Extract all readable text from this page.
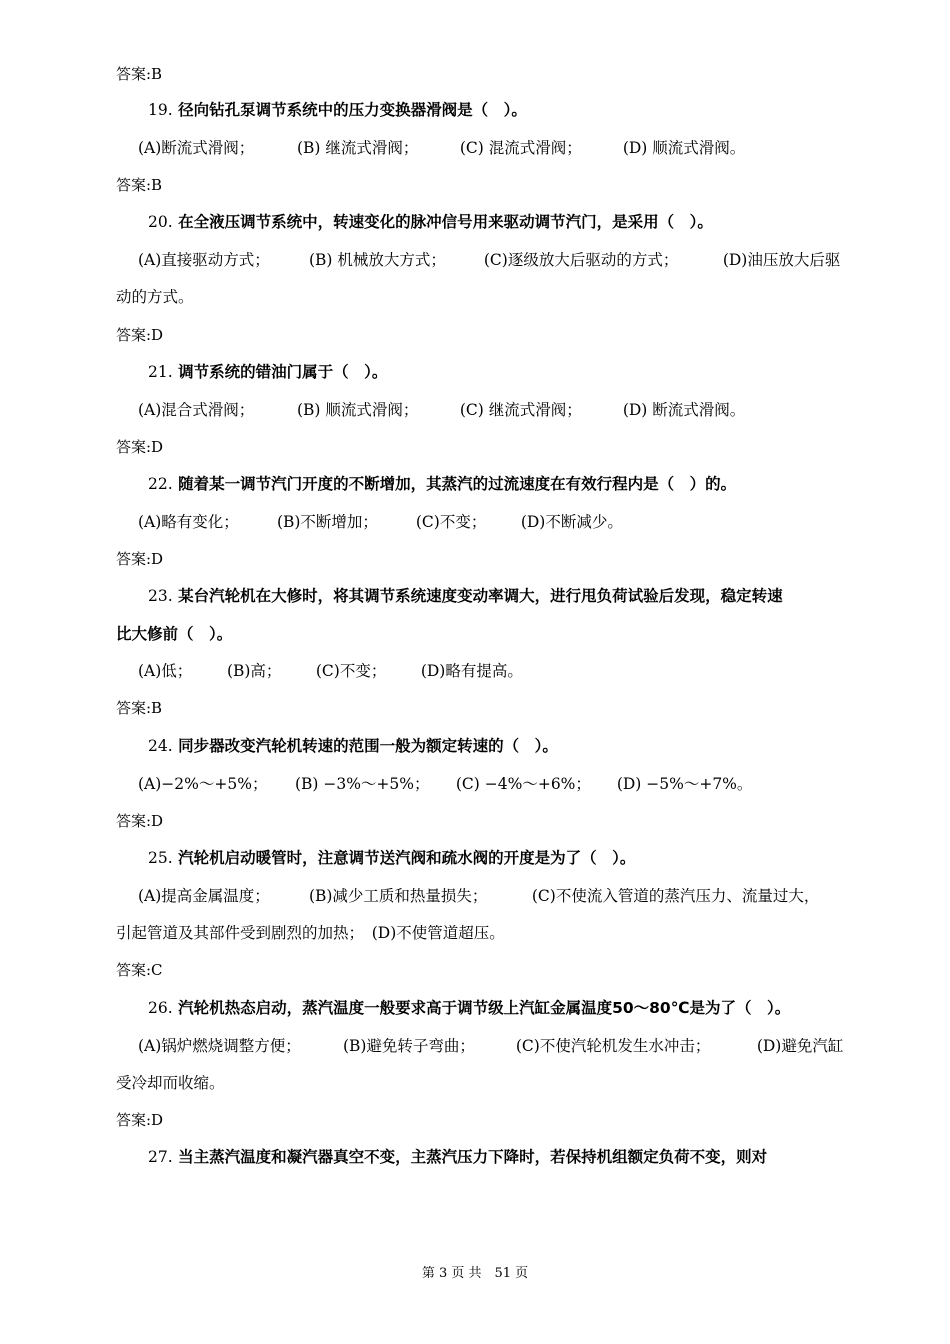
答案:B
19. 径向钻孔泵调节系统中的压力变换器滑阀是（　）。
(A)断流式滑阀；	(B) 继流式滑阀；	(C) 混流式滑阀；	(D) 顺流式滑阀。
答案:B
20. 在全液压调节系统中，转速变化的脉冲信号用来驱动调节汽门，是采用（　）。
(A)直接驱动方式；	(B) 机械放大方式； (C)逐级放大后驱动的方式；	(D)油压放大后驱
动的方式。
答案:D
21. 调节系统的错油门属于（　）。
(A)混合式滑阀；	(B) 顺流式滑阀；	(C) 继流式滑阀；	(D) 断流式滑阀。
答案:D
22. 随着某一调节汽门开度的不断增加，其蒸汽的过流速度在有效行程内是（　）的。
(A)略有变化； (B)不断增加； (C)不变； (D)不断减少。
答案:D
23. 某台汽轮机在大修时，将其调节系统速度变动率调大，进行甩负荷试验后发现，稳定转速
比大修前（　）。
(A)低； (B)高； (C)不变； (D)略有提高。
答案:B
24. 同步器改变汽轮机转速的范围一般为额定转速的（　）。
(A)−2%～+5%； (B) −3%～+5%； (C) −4%～+6%； (D) −5%～+7%。
答案:D
25. 汽轮机启动暖管时，注意调节送汽阀和疏水阀的开度是为了（　）。
(A)提高金属温度；	(B)减少工质和热量损失；	(C)不使流入管道的蒸汽压力、流量过大，
引起管道及其部件受到剧烈的加热；　(D)不使管道超压。
答案:C
26. 汽轮机热态启动，蒸汽温度一般要求高于调节级上汽缸金属温度50～80℃是为了（　）。
(A)锅炉燃烧调整方便；	(B)避免转子弯曲；	(C)不使汽轮机发生水冲击；	(D)避免汽缸
受冷却而收缩。
答案:D
27. 当主蒸汽温度和凝汽器真空不变，主蒸汽压力下降时，若保持机组额定负荷不变，则对
第 3 页 共　51 页
